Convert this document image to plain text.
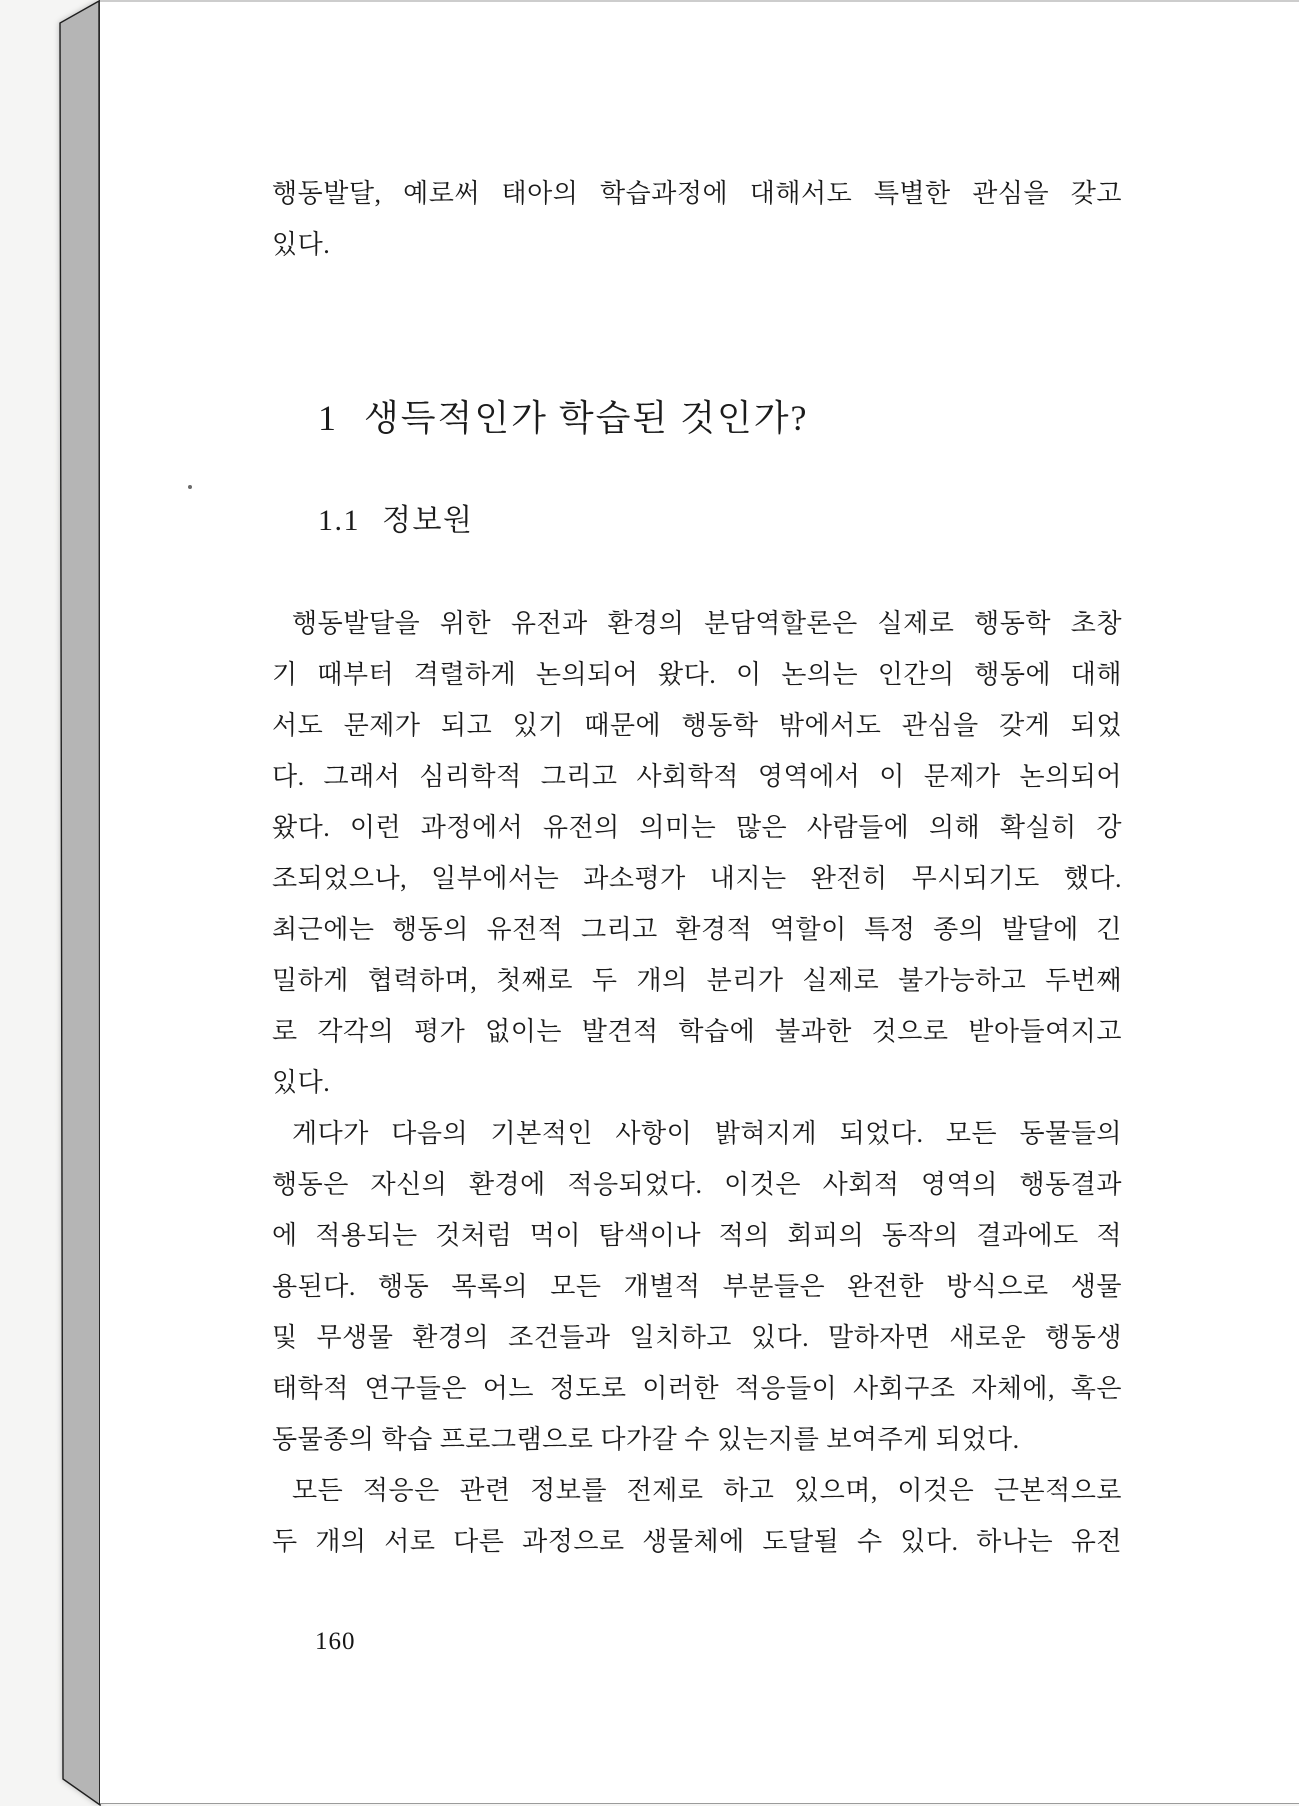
행동발달, 예로써 태아의 학습과정에 대해서도 특별한 관심을 갖고
있다.
1 생득적인가 학습된 것인가?
1.1 정보원
행동발달을 위한 유전과 환경의 분담역할론은 실제로 행동학 초창
기 때부터 격렬하게 논의되어 왔다. 이 논의는 인간의 행동에 대해
서도 문제가 되고 있기 때문에 행동학 밖에서도 관심을 갖게 되었
다. 그래서 심리학적 그리고 사회학적 영역에서 이 문제가 논의되어
왔다. 이런 과정에서 유전의 의미는 많은 사람들에 의해 확실히 강
조되었으나, 일부에서는 과소평가 내지는 완전히 무시되기도 했다.
최근에는 행동의 유전적 그리고 환경적 역할이 특정 종의 발달에 긴
밀하게 협력하며, 첫째로 두 개의 분리가 실제로 불가능하고 두번째
로 각각의 평가 없이는 발견적 학습에 불과한 것으로 받아들여지고
있다.
게다가 다음의 기본적인 사항이 밝혀지게 되었다. 모든 동물들의
행동은 자신의 환경에 적응되었다. 이것은 사회적 영역의 행동결과
에 적용되는 것처럼 먹이 탐색이나 적의 회피의 동작의 결과에도 적
용된다. 행동 목록의 모든 개별적 부분들은 완전한 방식으로 생물
및 무생물 환경의 조건들과 일치하고 있다. 말하자면 새로운 행동생
태학적 연구들은 어느 정도로 이러한 적응들이 사회구조 자체에, 혹은
동물종의 학습 프로그램으로 다가갈 수 있는지를 보여주게 되었다.
모든 적응은 관련 정보를 전제로 하고 있으며, 이것은 근본적으로
두 개의 서로 다른 과정으로 생물체에 도달될 수 있다. 하나는 유전
160
